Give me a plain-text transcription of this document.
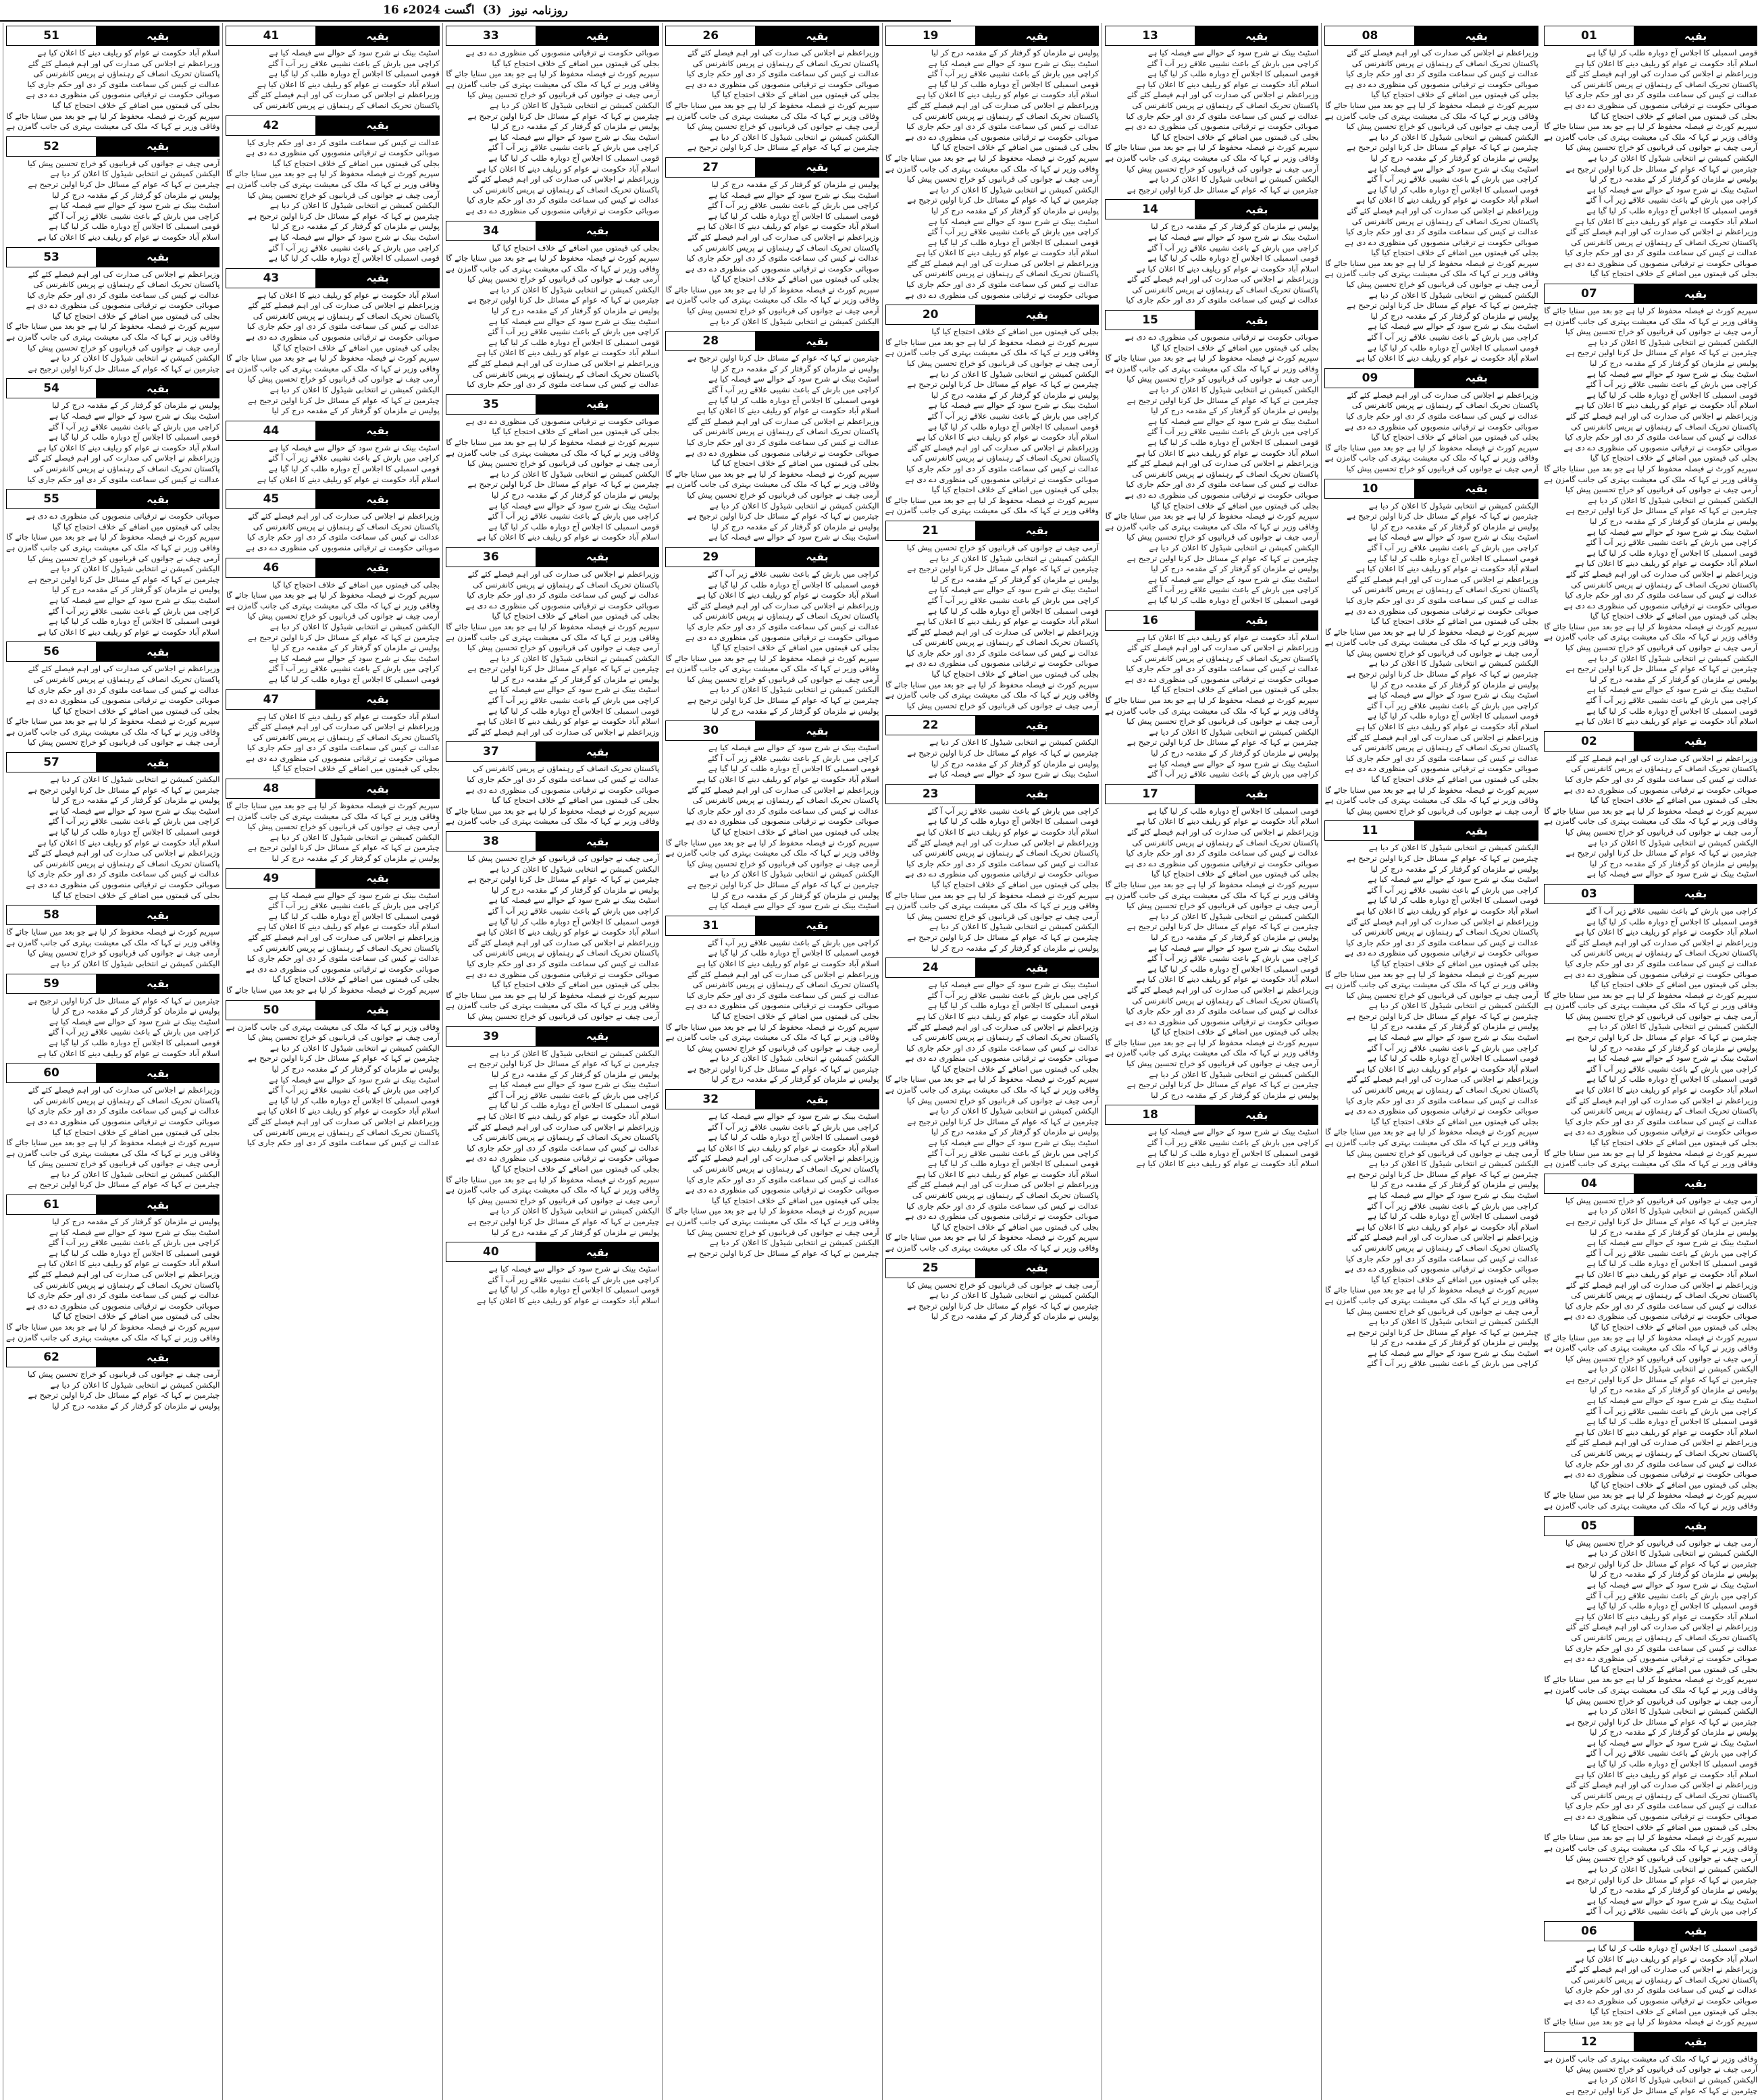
16 اگست 2024ء (3) روزنامہ نیوز
بقیہ
51
اسلام آباد حکومت نے عوام کو ریلیف دینے کا اعلان کیا ہے
وزیراعظم نے اجلاس کی صدارت کی اور اہم فیصلے کئے گئے
پاکستان تحریک انصاف کے رہنماؤں نے پریس کانفرنس کی
عدالت نے کیس کی سماعت ملتوی کر دی اور حکم جاری کیا
صوبائی حکومت نے ترقیاتی منصوبوں کی منظوری دے دی ہے
بجلی کی قیمتوں میں اضافے کے خلاف احتجاج کیا گیا
سپریم کورٹ نے فیصلہ محفوظ کر لیا ہے جو بعد میں سنایا جائے گا
وفاقی وزیر نے کہا کہ ملک کی معیشت بہتری کی جانب گامزن ہے
بقیہ
52
آرمی چیف نے جوانوں کی قربانیوں کو خراج تحسین پیش کیا
الیکشن کمیشن نے انتخابی شیڈول کا اعلان کر دیا ہے
چیئرمین نے کہا کہ عوام کے مسائل حل کرنا اولین ترجیح ہے
پولیس نے ملزمان کو گرفتار کر کے مقدمہ درج کر لیا
اسٹیٹ بینک نے شرح سود کے حوالے سے فیصلہ کیا ہے
کراچی میں بارش کے باعث نشیبی علاقے زیر آب آ گئے
قومی اسمبلی کا اجلاس آج دوبارہ طلب کر لیا گیا ہے
اسلام آباد حکومت نے عوام کو ریلیف دینے کا اعلان کیا ہے
بقیہ
53
وزیراعظم نے اجلاس کی صدارت کی اور اہم فیصلے کئے گئے
پاکستان تحریک انصاف کے رہنماؤں نے پریس کانفرنس کی
عدالت نے کیس کی سماعت ملتوی کر دی اور حکم جاری کیا
صوبائی حکومت نے ترقیاتی منصوبوں کی منظوری دے دی ہے
بجلی کی قیمتوں میں اضافے کے خلاف احتجاج کیا گیا
سپریم کورٹ نے فیصلہ محفوظ کر لیا ہے جو بعد میں سنایا جائے گا
وفاقی وزیر نے کہا کہ ملک کی معیشت بہتری کی جانب گامزن ہے
آرمی چیف نے جوانوں کی قربانیوں کو خراج تحسین پیش کیا
الیکشن کمیشن نے انتخابی شیڈول کا اعلان کر دیا ہے
چیئرمین نے کہا کہ عوام کے مسائل حل کرنا اولین ترجیح ہے
بقیہ
54
پولیس نے ملزمان کو گرفتار کر کے مقدمہ درج کر لیا
اسٹیٹ بینک نے شرح سود کے حوالے سے فیصلہ کیا ہے
کراچی میں بارش کے باعث نشیبی علاقے زیر آب آ گئے
قومی اسمبلی کا اجلاس آج دوبارہ طلب کر لیا گیا ہے
اسلام آباد حکومت نے عوام کو ریلیف دینے کا اعلان کیا ہے
وزیراعظم نے اجلاس کی صدارت کی اور اہم فیصلے کئے گئے
پاکستان تحریک انصاف کے رہنماؤں نے پریس کانفرنس کی
عدالت نے کیس کی سماعت ملتوی کر دی اور حکم جاری کیا
بقیہ
55
صوبائی حکومت نے ترقیاتی منصوبوں کی منظوری دے دی ہے
بجلی کی قیمتوں میں اضافے کے خلاف احتجاج کیا گیا
سپریم کورٹ نے فیصلہ محفوظ کر لیا ہے جو بعد میں سنایا جائے گا
وفاقی وزیر نے کہا کہ ملک کی معیشت بہتری کی جانب گامزن ہے
آرمی چیف نے جوانوں کی قربانیوں کو خراج تحسین پیش کیا
الیکشن کمیشن نے انتخابی شیڈول کا اعلان کر دیا ہے
چیئرمین نے کہا کہ عوام کے مسائل حل کرنا اولین ترجیح ہے
پولیس نے ملزمان کو گرفتار کر کے مقدمہ درج کر لیا
اسٹیٹ بینک نے شرح سود کے حوالے سے فیصلہ کیا ہے
کراچی میں بارش کے باعث نشیبی علاقے زیر آب آ گئے
قومی اسمبلی کا اجلاس آج دوبارہ طلب کر لیا گیا ہے
اسلام آباد حکومت نے عوام کو ریلیف دینے کا اعلان کیا ہے
بقیہ
56
وزیراعظم نے اجلاس کی صدارت کی اور اہم فیصلے کئے گئے
پاکستان تحریک انصاف کے رہنماؤں نے پریس کانفرنس کی
عدالت نے کیس کی سماعت ملتوی کر دی اور حکم جاری کیا
صوبائی حکومت نے ترقیاتی منصوبوں کی منظوری دے دی ہے
بجلی کی قیمتوں میں اضافے کے خلاف احتجاج کیا گیا
سپریم کورٹ نے فیصلہ محفوظ کر لیا ہے جو بعد میں سنایا جائے گا
وفاقی وزیر نے کہا کہ ملک کی معیشت بہتری کی جانب گامزن ہے
آرمی چیف نے جوانوں کی قربانیوں کو خراج تحسین پیش کیا
بقیہ
57
الیکشن کمیشن نے انتخابی شیڈول کا اعلان کر دیا ہے
چیئرمین نے کہا کہ عوام کے مسائل حل کرنا اولین ترجیح ہے
پولیس نے ملزمان کو گرفتار کر کے مقدمہ درج کر لیا
اسٹیٹ بینک نے شرح سود کے حوالے سے فیصلہ کیا ہے
کراچی میں بارش کے باعث نشیبی علاقے زیر آب آ گئے
قومی اسمبلی کا اجلاس آج دوبارہ طلب کر لیا گیا ہے
اسلام آباد حکومت نے عوام کو ریلیف دینے کا اعلان کیا ہے
وزیراعظم نے اجلاس کی صدارت کی اور اہم فیصلے کئے گئے
پاکستان تحریک انصاف کے رہنماؤں نے پریس کانفرنس کی
عدالت نے کیس کی سماعت ملتوی کر دی اور حکم جاری کیا
صوبائی حکومت نے ترقیاتی منصوبوں کی منظوری دے دی ہے
بجلی کی قیمتوں میں اضافے کے خلاف احتجاج کیا گیا
بقیہ
58
سپریم کورٹ نے فیصلہ محفوظ کر لیا ہے جو بعد میں سنایا جائے گا
وفاقی وزیر نے کہا کہ ملک کی معیشت بہتری کی جانب گامزن ہے
آرمی چیف نے جوانوں کی قربانیوں کو خراج تحسین پیش کیا
الیکشن کمیشن نے انتخابی شیڈول کا اعلان کر دیا ہے
بقیہ
59
چیئرمین نے کہا کہ عوام کے مسائل حل کرنا اولین ترجیح ہے
پولیس نے ملزمان کو گرفتار کر کے مقدمہ درج کر لیا
اسٹیٹ بینک نے شرح سود کے حوالے سے فیصلہ کیا ہے
کراچی میں بارش کے باعث نشیبی علاقے زیر آب آ گئے
قومی اسمبلی کا اجلاس آج دوبارہ طلب کر لیا گیا ہے
اسلام آباد حکومت نے عوام کو ریلیف دینے کا اعلان کیا ہے
بقیہ
60
وزیراعظم نے اجلاس کی صدارت کی اور اہم فیصلے کئے گئے
پاکستان تحریک انصاف کے رہنماؤں نے پریس کانفرنس کی
عدالت نے کیس کی سماعت ملتوی کر دی اور حکم جاری کیا
صوبائی حکومت نے ترقیاتی منصوبوں کی منظوری دے دی ہے
بجلی کی قیمتوں میں اضافے کے خلاف احتجاج کیا گیا
سپریم کورٹ نے فیصلہ محفوظ کر لیا ہے جو بعد میں سنایا جائے گا
وفاقی وزیر نے کہا کہ ملک کی معیشت بہتری کی جانب گامزن ہے
آرمی چیف نے جوانوں کی قربانیوں کو خراج تحسین پیش کیا
الیکشن کمیشن نے انتخابی شیڈول کا اعلان کر دیا ہے
چیئرمین نے کہا کہ عوام کے مسائل حل کرنا اولین ترجیح ہے
بقیہ
61
پولیس نے ملزمان کو گرفتار کر کے مقدمہ درج کر لیا
اسٹیٹ بینک نے شرح سود کے حوالے سے فیصلہ کیا ہے
کراچی میں بارش کے باعث نشیبی علاقے زیر آب آ گئے
قومی اسمبلی کا اجلاس آج دوبارہ طلب کر لیا گیا ہے
اسلام آباد حکومت نے عوام کو ریلیف دینے کا اعلان کیا ہے
وزیراعظم نے اجلاس کی صدارت کی اور اہم فیصلے کئے گئے
پاکستان تحریک انصاف کے رہنماؤں نے پریس کانفرنس کی
عدالت نے کیس کی سماعت ملتوی کر دی اور حکم جاری کیا
صوبائی حکومت نے ترقیاتی منصوبوں کی منظوری دے دی ہے
بجلی کی قیمتوں میں اضافے کے خلاف احتجاج کیا گیا
سپریم کورٹ نے فیصلہ محفوظ کر لیا ہے جو بعد میں سنایا جائے گا
وفاقی وزیر نے کہا کہ ملک کی معیشت بہتری کی جانب گامزن ہے
بقیہ
62
آرمی چیف نے جوانوں کی قربانیوں کو خراج تحسین پیش کیا
الیکشن کمیشن نے انتخابی شیڈول کا اعلان کر دیا ہے
چیئرمین نے کہا کہ عوام کے مسائل حل کرنا اولین ترجیح ہے
پولیس نے ملزمان کو گرفتار کر کے مقدمہ درج کر لیا
بقیہ
41
اسٹیٹ بینک نے شرح سود کے حوالے سے فیصلہ کیا ہے
کراچی میں بارش کے باعث نشیبی علاقے زیر آب آ گئے
قومی اسمبلی کا اجلاس آج دوبارہ طلب کر لیا گیا ہے
اسلام آباد حکومت نے عوام کو ریلیف دینے کا اعلان کیا ہے
وزیراعظم نے اجلاس کی صدارت کی اور اہم فیصلے کئے گئے
پاکستان تحریک انصاف کے رہنماؤں نے پریس کانفرنس کی
بقیہ
42
عدالت نے کیس کی سماعت ملتوی کر دی اور حکم جاری کیا
صوبائی حکومت نے ترقیاتی منصوبوں کی منظوری دے دی ہے
بجلی کی قیمتوں میں اضافے کے خلاف احتجاج کیا گیا
سپریم کورٹ نے فیصلہ محفوظ کر لیا ہے جو بعد میں سنایا جائے گا
وفاقی وزیر نے کہا کہ ملک کی معیشت بہتری کی جانب گامزن ہے
آرمی چیف نے جوانوں کی قربانیوں کو خراج تحسین پیش کیا
الیکشن کمیشن نے انتخابی شیڈول کا اعلان کر دیا ہے
چیئرمین نے کہا کہ عوام کے مسائل حل کرنا اولین ترجیح ہے
پولیس نے ملزمان کو گرفتار کر کے مقدمہ درج کر لیا
اسٹیٹ بینک نے شرح سود کے حوالے سے فیصلہ کیا ہے
کراچی میں بارش کے باعث نشیبی علاقے زیر آب آ گئے
قومی اسمبلی کا اجلاس آج دوبارہ طلب کر لیا گیا ہے
بقیہ
43
اسلام آباد حکومت نے عوام کو ریلیف دینے کا اعلان کیا ہے
وزیراعظم نے اجلاس کی صدارت کی اور اہم فیصلے کئے گئے
پاکستان تحریک انصاف کے رہنماؤں نے پریس کانفرنس کی
عدالت نے کیس کی سماعت ملتوی کر دی اور حکم جاری کیا
صوبائی حکومت نے ترقیاتی منصوبوں کی منظوری دے دی ہے
بجلی کی قیمتوں میں اضافے کے خلاف احتجاج کیا گیا
سپریم کورٹ نے فیصلہ محفوظ کر لیا ہے جو بعد میں سنایا جائے گا
وفاقی وزیر نے کہا کہ ملک کی معیشت بہتری کی جانب گامزن ہے
آرمی چیف نے جوانوں کی قربانیوں کو خراج تحسین پیش کیا
الیکشن کمیشن نے انتخابی شیڈول کا اعلان کر دیا ہے
چیئرمین نے کہا کہ عوام کے مسائل حل کرنا اولین ترجیح ہے
پولیس نے ملزمان کو گرفتار کر کے مقدمہ درج کر لیا
بقیہ
44
اسٹیٹ بینک نے شرح سود کے حوالے سے فیصلہ کیا ہے
کراچی میں بارش کے باعث نشیبی علاقے زیر آب آ گئے
قومی اسمبلی کا اجلاس آج دوبارہ طلب کر لیا گیا ہے
اسلام آباد حکومت نے عوام کو ریلیف دینے کا اعلان کیا ہے
بقیہ
45
وزیراعظم نے اجلاس کی صدارت کی اور اہم فیصلے کئے گئے
پاکستان تحریک انصاف کے رہنماؤں نے پریس کانفرنس کی
عدالت نے کیس کی سماعت ملتوی کر دی اور حکم جاری کیا
صوبائی حکومت نے ترقیاتی منصوبوں کی منظوری دے دی ہے
بقیہ
46
بجلی کی قیمتوں میں اضافے کے خلاف احتجاج کیا گیا
سپریم کورٹ نے فیصلہ محفوظ کر لیا ہے جو بعد میں سنایا جائے گا
وفاقی وزیر نے کہا کہ ملک کی معیشت بہتری کی جانب گامزن ہے
آرمی چیف نے جوانوں کی قربانیوں کو خراج تحسین پیش کیا
الیکشن کمیشن نے انتخابی شیڈول کا اعلان کر دیا ہے
چیئرمین نے کہا کہ عوام کے مسائل حل کرنا اولین ترجیح ہے
پولیس نے ملزمان کو گرفتار کر کے مقدمہ درج کر لیا
اسٹیٹ بینک نے شرح سود کے حوالے سے فیصلہ کیا ہے
کراچی میں بارش کے باعث نشیبی علاقے زیر آب آ گئے
قومی اسمبلی کا اجلاس آج دوبارہ طلب کر لیا گیا ہے
بقیہ
47
اسلام آباد حکومت نے عوام کو ریلیف دینے کا اعلان کیا ہے
وزیراعظم نے اجلاس کی صدارت کی اور اہم فیصلے کئے گئے
پاکستان تحریک انصاف کے رہنماؤں نے پریس کانفرنس کی
عدالت نے کیس کی سماعت ملتوی کر دی اور حکم جاری کیا
صوبائی حکومت نے ترقیاتی منصوبوں کی منظوری دے دی ہے
بجلی کی قیمتوں میں اضافے کے خلاف احتجاج کیا گیا
بقیہ
48
سپریم کورٹ نے فیصلہ محفوظ کر لیا ہے جو بعد میں سنایا جائے گا
وفاقی وزیر نے کہا کہ ملک کی معیشت بہتری کی جانب گامزن ہے
آرمی چیف نے جوانوں کی قربانیوں کو خراج تحسین پیش کیا
الیکشن کمیشن نے انتخابی شیڈول کا اعلان کر دیا ہے
چیئرمین نے کہا کہ عوام کے مسائل حل کرنا اولین ترجیح ہے
پولیس نے ملزمان کو گرفتار کر کے مقدمہ درج کر لیا
بقیہ
49
اسٹیٹ بینک نے شرح سود کے حوالے سے فیصلہ کیا ہے
کراچی میں بارش کے باعث نشیبی علاقے زیر آب آ گئے
قومی اسمبلی کا اجلاس آج دوبارہ طلب کر لیا گیا ہے
اسلام آباد حکومت نے عوام کو ریلیف دینے کا اعلان کیا ہے
وزیراعظم نے اجلاس کی صدارت کی اور اہم فیصلے کئے گئے
پاکستان تحریک انصاف کے رہنماؤں نے پریس کانفرنس کی
عدالت نے کیس کی سماعت ملتوی کر دی اور حکم جاری کیا
صوبائی حکومت نے ترقیاتی منصوبوں کی منظوری دے دی ہے
بجلی کی قیمتوں میں اضافے کے خلاف احتجاج کیا گیا
سپریم کورٹ نے فیصلہ محفوظ کر لیا ہے جو بعد میں سنایا جائے گا
بقیہ
50
وفاقی وزیر نے کہا کہ ملک کی معیشت بہتری کی جانب گامزن ہے
آرمی چیف نے جوانوں کی قربانیوں کو خراج تحسین پیش کیا
الیکشن کمیشن نے انتخابی شیڈول کا اعلان کر دیا ہے
چیئرمین نے کہا کہ عوام کے مسائل حل کرنا اولین ترجیح ہے
پولیس نے ملزمان کو گرفتار کر کے مقدمہ درج کر لیا
اسٹیٹ بینک نے شرح سود کے حوالے سے فیصلہ کیا ہے
کراچی میں بارش کے باعث نشیبی علاقے زیر آب آ گئے
قومی اسمبلی کا اجلاس آج دوبارہ طلب کر لیا گیا ہے
اسلام آباد حکومت نے عوام کو ریلیف دینے کا اعلان کیا ہے
وزیراعظم نے اجلاس کی صدارت کی اور اہم فیصلے کئے گئے
پاکستان تحریک انصاف کے رہنماؤں نے پریس کانفرنس کی
عدالت نے کیس کی سماعت ملتوی کر دی اور حکم جاری کیا
بقیہ
33
صوبائی حکومت نے ترقیاتی منصوبوں کی منظوری دے دی ہے
بجلی کی قیمتوں میں اضافے کے خلاف احتجاج کیا گیا
سپریم کورٹ نے فیصلہ محفوظ کر لیا ہے جو بعد میں سنایا جائے گا
وفاقی وزیر نے کہا کہ ملک کی معیشت بہتری کی جانب گامزن ہے
آرمی چیف نے جوانوں کی قربانیوں کو خراج تحسین پیش کیا
الیکشن کمیشن نے انتخابی شیڈول کا اعلان کر دیا ہے
چیئرمین نے کہا کہ عوام کے مسائل حل کرنا اولین ترجیح ہے
پولیس نے ملزمان کو گرفتار کر کے مقدمہ درج کر لیا
اسٹیٹ بینک نے شرح سود کے حوالے سے فیصلہ کیا ہے
کراچی میں بارش کے باعث نشیبی علاقے زیر آب آ گئے
قومی اسمبلی کا اجلاس آج دوبارہ طلب کر لیا گیا ہے
اسلام آباد حکومت نے عوام کو ریلیف دینے کا اعلان کیا ہے
وزیراعظم نے اجلاس کی صدارت کی اور اہم فیصلے کئے گئے
پاکستان تحریک انصاف کے رہنماؤں نے پریس کانفرنس کی
عدالت نے کیس کی سماعت ملتوی کر دی اور حکم جاری کیا
صوبائی حکومت نے ترقیاتی منصوبوں کی منظوری دے دی ہے
بقیہ
34
بجلی کی قیمتوں میں اضافے کے خلاف احتجاج کیا گیا
سپریم کورٹ نے فیصلہ محفوظ کر لیا ہے جو بعد میں سنایا جائے گا
وفاقی وزیر نے کہا کہ ملک کی معیشت بہتری کی جانب گامزن ہے
آرمی چیف نے جوانوں کی قربانیوں کو خراج تحسین پیش کیا
الیکشن کمیشن نے انتخابی شیڈول کا اعلان کر دیا ہے
چیئرمین نے کہا کہ عوام کے مسائل حل کرنا اولین ترجیح ہے
پولیس نے ملزمان کو گرفتار کر کے مقدمہ درج کر لیا
اسٹیٹ بینک نے شرح سود کے حوالے سے فیصلہ کیا ہے
کراچی میں بارش کے باعث نشیبی علاقے زیر آب آ گئے
قومی اسمبلی کا اجلاس آج دوبارہ طلب کر لیا گیا ہے
اسلام آباد حکومت نے عوام کو ریلیف دینے کا اعلان کیا ہے
وزیراعظم نے اجلاس کی صدارت کی اور اہم فیصلے کئے گئے
پاکستان تحریک انصاف کے رہنماؤں نے پریس کانفرنس کی
عدالت نے کیس کی سماعت ملتوی کر دی اور حکم جاری کیا
بقیہ
35
صوبائی حکومت نے ترقیاتی منصوبوں کی منظوری دے دی ہے
بجلی کی قیمتوں میں اضافے کے خلاف احتجاج کیا گیا
سپریم کورٹ نے فیصلہ محفوظ کر لیا ہے جو بعد میں سنایا جائے گا
وفاقی وزیر نے کہا کہ ملک کی معیشت بہتری کی جانب گامزن ہے
آرمی چیف نے جوانوں کی قربانیوں کو خراج تحسین پیش کیا
الیکشن کمیشن نے انتخابی شیڈول کا اعلان کر دیا ہے
چیئرمین نے کہا کہ عوام کے مسائل حل کرنا اولین ترجیح ہے
پولیس نے ملزمان کو گرفتار کر کے مقدمہ درج کر لیا
اسٹیٹ بینک نے شرح سود کے حوالے سے فیصلہ کیا ہے
کراچی میں بارش کے باعث نشیبی علاقے زیر آب آ گئے
قومی اسمبلی کا اجلاس آج دوبارہ طلب کر لیا گیا ہے
اسلام آباد حکومت نے عوام کو ریلیف دینے کا اعلان کیا ہے
بقیہ
36
وزیراعظم نے اجلاس کی صدارت کی اور اہم فیصلے کئے گئے
پاکستان تحریک انصاف کے رہنماؤں نے پریس کانفرنس کی
عدالت نے کیس کی سماعت ملتوی کر دی اور حکم جاری کیا
صوبائی حکومت نے ترقیاتی منصوبوں کی منظوری دے دی ہے
بجلی کی قیمتوں میں اضافے کے خلاف احتجاج کیا گیا
سپریم کورٹ نے فیصلہ محفوظ کر لیا ہے جو بعد میں سنایا جائے گا
وفاقی وزیر نے کہا کہ ملک کی معیشت بہتری کی جانب گامزن ہے
آرمی چیف نے جوانوں کی قربانیوں کو خراج تحسین پیش کیا
الیکشن کمیشن نے انتخابی شیڈول کا اعلان کر دیا ہے
چیئرمین نے کہا کہ عوام کے مسائل حل کرنا اولین ترجیح ہے
پولیس نے ملزمان کو گرفتار کر کے مقدمہ درج کر لیا
اسٹیٹ بینک نے شرح سود کے حوالے سے فیصلہ کیا ہے
کراچی میں بارش کے باعث نشیبی علاقے زیر آب آ گئے
قومی اسمبلی کا اجلاس آج دوبارہ طلب کر لیا گیا ہے
اسلام آباد حکومت نے عوام کو ریلیف دینے کا اعلان کیا ہے
وزیراعظم نے اجلاس کی صدارت کی اور اہم فیصلے کئے گئے
بقیہ
37
پاکستان تحریک انصاف کے رہنماؤں نے پریس کانفرنس کی
عدالت نے کیس کی سماعت ملتوی کر دی اور حکم جاری کیا
صوبائی حکومت نے ترقیاتی منصوبوں کی منظوری دے دی ہے
بجلی کی قیمتوں میں اضافے کے خلاف احتجاج کیا گیا
سپریم کورٹ نے فیصلہ محفوظ کر لیا ہے جو بعد میں سنایا جائے گا
وفاقی وزیر نے کہا کہ ملک کی معیشت بہتری کی جانب گامزن ہے
بقیہ
38
آرمی چیف نے جوانوں کی قربانیوں کو خراج تحسین پیش کیا
الیکشن کمیشن نے انتخابی شیڈول کا اعلان کر دیا ہے
چیئرمین نے کہا کہ عوام کے مسائل حل کرنا اولین ترجیح ہے
پولیس نے ملزمان کو گرفتار کر کے مقدمہ درج کر لیا
اسٹیٹ بینک نے شرح سود کے حوالے سے فیصلہ کیا ہے
کراچی میں بارش کے باعث نشیبی علاقے زیر آب آ گئے
قومی اسمبلی کا اجلاس آج دوبارہ طلب کر لیا گیا ہے
اسلام آباد حکومت نے عوام کو ریلیف دینے کا اعلان کیا ہے
وزیراعظم نے اجلاس کی صدارت کی اور اہم فیصلے کئے گئے
پاکستان تحریک انصاف کے رہنماؤں نے پریس کانفرنس کی
عدالت نے کیس کی سماعت ملتوی کر دی اور حکم جاری کیا
صوبائی حکومت نے ترقیاتی منصوبوں کی منظوری دے دی ہے
بجلی کی قیمتوں میں اضافے کے خلاف احتجاج کیا گیا
سپریم کورٹ نے فیصلہ محفوظ کر لیا ہے جو بعد میں سنایا جائے گا
وفاقی وزیر نے کہا کہ ملک کی معیشت بہتری کی جانب گامزن ہے
آرمی چیف نے جوانوں کی قربانیوں کو خراج تحسین پیش کیا
بقیہ
39
الیکشن کمیشن نے انتخابی شیڈول کا اعلان کر دیا ہے
چیئرمین نے کہا کہ عوام کے مسائل حل کرنا اولین ترجیح ہے
پولیس نے ملزمان کو گرفتار کر کے مقدمہ درج کر لیا
اسٹیٹ بینک نے شرح سود کے حوالے سے فیصلہ کیا ہے
کراچی میں بارش کے باعث نشیبی علاقے زیر آب آ گئے
قومی اسمبلی کا اجلاس آج دوبارہ طلب کر لیا گیا ہے
اسلام آباد حکومت نے عوام کو ریلیف دینے کا اعلان کیا ہے
وزیراعظم نے اجلاس کی صدارت کی اور اہم فیصلے کئے گئے
پاکستان تحریک انصاف کے رہنماؤں نے پریس کانفرنس کی
عدالت نے کیس کی سماعت ملتوی کر دی اور حکم جاری کیا
صوبائی حکومت نے ترقیاتی منصوبوں کی منظوری دے دی ہے
بجلی کی قیمتوں میں اضافے کے خلاف احتجاج کیا گیا
سپریم کورٹ نے فیصلہ محفوظ کر لیا ہے جو بعد میں سنایا جائے گا
وفاقی وزیر نے کہا کہ ملک کی معیشت بہتری کی جانب گامزن ہے
آرمی چیف نے جوانوں کی قربانیوں کو خراج تحسین پیش کیا
الیکشن کمیشن نے انتخابی شیڈول کا اعلان کر دیا ہے
چیئرمین نے کہا کہ عوام کے مسائل حل کرنا اولین ترجیح ہے
پولیس نے ملزمان کو گرفتار کر کے مقدمہ درج کر لیا
بقیہ
40
اسٹیٹ بینک نے شرح سود کے حوالے سے فیصلہ کیا ہے
کراچی میں بارش کے باعث نشیبی علاقے زیر آب آ گئے
قومی اسمبلی کا اجلاس آج دوبارہ طلب کر لیا گیا ہے
اسلام آباد حکومت نے عوام کو ریلیف دینے کا اعلان کیا ہے
بقیہ
26
وزیراعظم نے اجلاس کی صدارت کی اور اہم فیصلے کئے گئے
پاکستان تحریک انصاف کے رہنماؤں نے پریس کانفرنس کی
عدالت نے کیس کی سماعت ملتوی کر دی اور حکم جاری کیا
صوبائی حکومت نے ترقیاتی منصوبوں کی منظوری دے دی ہے
بجلی کی قیمتوں میں اضافے کے خلاف احتجاج کیا گیا
سپریم کورٹ نے فیصلہ محفوظ کر لیا ہے جو بعد میں سنایا جائے گا
وفاقی وزیر نے کہا کہ ملک کی معیشت بہتری کی جانب گامزن ہے
آرمی چیف نے جوانوں کی قربانیوں کو خراج تحسین پیش کیا
الیکشن کمیشن نے انتخابی شیڈول کا اعلان کر دیا ہے
چیئرمین نے کہا کہ عوام کے مسائل حل کرنا اولین ترجیح ہے
بقیہ
27
پولیس نے ملزمان کو گرفتار کر کے مقدمہ درج کر لیا
اسٹیٹ بینک نے شرح سود کے حوالے سے فیصلہ کیا ہے
کراچی میں بارش کے باعث نشیبی علاقے زیر آب آ گئے
قومی اسمبلی کا اجلاس آج دوبارہ طلب کر لیا گیا ہے
اسلام آباد حکومت نے عوام کو ریلیف دینے کا اعلان کیا ہے
وزیراعظم نے اجلاس کی صدارت کی اور اہم فیصلے کئے گئے
پاکستان تحریک انصاف کے رہنماؤں نے پریس کانفرنس کی
عدالت نے کیس کی سماعت ملتوی کر دی اور حکم جاری کیا
صوبائی حکومت نے ترقیاتی منصوبوں کی منظوری دے دی ہے
بجلی کی قیمتوں میں اضافے کے خلاف احتجاج کیا گیا
سپریم کورٹ نے فیصلہ محفوظ کر لیا ہے جو بعد میں سنایا جائے گا
وفاقی وزیر نے کہا کہ ملک کی معیشت بہتری کی جانب گامزن ہے
آرمی چیف نے جوانوں کی قربانیوں کو خراج تحسین پیش کیا
الیکشن کمیشن نے انتخابی شیڈول کا اعلان کر دیا ہے
بقیہ
28
چیئرمین نے کہا کہ عوام کے مسائل حل کرنا اولین ترجیح ہے
پولیس نے ملزمان کو گرفتار کر کے مقدمہ درج کر لیا
اسٹیٹ بینک نے شرح سود کے حوالے سے فیصلہ کیا ہے
کراچی میں بارش کے باعث نشیبی علاقے زیر آب آ گئے
قومی اسمبلی کا اجلاس آج دوبارہ طلب کر لیا گیا ہے
اسلام آباد حکومت نے عوام کو ریلیف دینے کا اعلان کیا ہے
وزیراعظم نے اجلاس کی صدارت کی اور اہم فیصلے کئے گئے
پاکستان تحریک انصاف کے رہنماؤں نے پریس کانفرنس کی
عدالت نے کیس کی سماعت ملتوی کر دی اور حکم جاری کیا
صوبائی حکومت نے ترقیاتی منصوبوں کی منظوری دے دی ہے
بجلی کی قیمتوں میں اضافے کے خلاف احتجاج کیا گیا
سپریم کورٹ نے فیصلہ محفوظ کر لیا ہے جو بعد میں سنایا جائے گا
وفاقی وزیر نے کہا کہ ملک کی معیشت بہتری کی جانب گامزن ہے
آرمی چیف نے جوانوں کی قربانیوں کو خراج تحسین پیش کیا
الیکشن کمیشن نے انتخابی شیڈول کا اعلان کر دیا ہے
چیئرمین نے کہا کہ عوام کے مسائل حل کرنا اولین ترجیح ہے
پولیس نے ملزمان کو گرفتار کر کے مقدمہ درج کر لیا
اسٹیٹ بینک نے شرح سود کے حوالے سے فیصلہ کیا ہے
بقیہ
29
کراچی میں بارش کے باعث نشیبی علاقے زیر آب آ گئے
قومی اسمبلی کا اجلاس آج دوبارہ طلب کر لیا گیا ہے
اسلام آباد حکومت نے عوام کو ریلیف دینے کا اعلان کیا ہے
وزیراعظم نے اجلاس کی صدارت کی اور اہم فیصلے کئے گئے
پاکستان تحریک انصاف کے رہنماؤں نے پریس کانفرنس کی
عدالت نے کیس کی سماعت ملتوی کر دی اور حکم جاری کیا
صوبائی حکومت نے ترقیاتی منصوبوں کی منظوری دے دی ہے
بجلی کی قیمتوں میں اضافے کے خلاف احتجاج کیا گیا
سپریم کورٹ نے فیصلہ محفوظ کر لیا ہے جو بعد میں سنایا جائے گا
وفاقی وزیر نے کہا کہ ملک کی معیشت بہتری کی جانب گامزن ہے
آرمی چیف نے جوانوں کی قربانیوں کو خراج تحسین پیش کیا
الیکشن کمیشن نے انتخابی شیڈول کا اعلان کر دیا ہے
چیئرمین نے کہا کہ عوام کے مسائل حل کرنا اولین ترجیح ہے
پولیس نے ملزمان کو گرفتار کر کے مقدمہ درج کر لیا
بقیہ
30
اسٹیٹ بینک نے شرح سود کے حوالے سے فیصلہ کیا ہے
کراچی میں بارش کے باعث نشیبی علاقے زیر آب آ گئے
قومی اسمبلی کا اجلاس آج دوبارہ طلب کر لیا گیا ہے
اسلام آباد حکومت نے عوام کو ریلیف دینے کا اعلان کیا ہے
وزیراعظم نے اجلاس کی صدارت کی اور اہم فیصلے کئے گئے
پاکستان تحریک انصاف کے رہنماؤں نے پریس کانفرنس کی
عدالت نے کیس کی سماعت ملتوی کر دی اور حکم جاری کیا
صوبائی حکومت نے ترقیاتی منصوبوں کی منظوری دے دی ہے
بجلی کی قیمتوں میں اضافے کے خلاف احتجاج کیا گیا
سپریم کورٹ نے فیصلہ محفوظ کر لیا ہے جو بعد میں سنایا جائے گا
وفاقی وزیر نے کہا کہ ملک کی معیشت بہتری کی جانب گامزن ہے
آرمی چیف نے جوانوں کی قربانیوں کو خراج تحسین پیش کیا
الیکشن کمیشن نے انتخابی شیڈول کا اعلان کر دیا ہے
چیئرمین نے کہا کہ عوام کے مسائل حل کرنا اولین ترجیح ہے
پولیس نے ملزمان کو گرفتار کر کے مقدمہ درج کر لیا
اسٹیٹ بینک نے شرح سود کے حوالے سے فیصلہ کیا ہے
بقیہ
31
کراچی میں بارش کے باعث نشیبی علاقے زیر آب آ گئے
قومی اسمبلی کا اجلاس آج دوبارہ طلب کر لیا گیا ہے
اسلام آباد حکومت نے عوام کو ریلیف دینے کا اعلان کیا ہے
وزیراعظم نے اجلاس کی صدارت کی اور اہم فیصلے کئے گئے
پاکستان تحریک انصاف کے رہنماؤں نے پریس کانفرنس کی
عدالت نے کیس کی سماعت ملتوی کر دی اور حکم جاری کیا
صوبائی حکومت نے ترقیاتی منصوبوں کی منظوری دے دی ہے
بجلی کی قیمتوں میں اضافے کے خلاف احتجاج کیا گیا
سپریم کورٹ نے فیصلہ محفوظ کر لیا ہے جو بعد میں سنایا جائے گا
وفاقی وزیر نے کہا کہ ملک کی معیشت بہتری کی جانب گامزن ہے
آرمی چیف نے جوانوں کی قربانیوں کو خراج تحسین پیش کیا
الیکشن کمیشن نے انتخابی شیڈول کا اعلان کر دیا ہے
چیئرمین نے کہا کہ عوام کے مسائل حل کرنا اولین ترجیح ہے
پولیس نے ملزمان کو گرفتار کر کے مقدمہ درج کر لیا
بقیہ
32
اسٹیٹ بینک نے شرح سود کے حوالے سے فیصلہ کیا ہے
کراچی میں بارش کے باعث نشیبی علاقے زیر آب آ گئے
قومی اسمبلی کا اجلاس آج دوبارہ طلب کر لیا گیا ہے
اسلام آباد حکومت نے عوام کو ریلیف دینے کا اعلان کیا ہے
وزیراعظم نے اجلاس کی صدارت کی اور اہم فیصلے کئے گئے
پاکستان تحریک انصاف کے رہنماؤں نے پریس کانفرنس کی
عدالت نے کیس کی سماعت ملتوی کر دی اور حکم جاری کیا
صوبائی حکومت نے ترقیاتی منصوبوں کی منظوری دے دی ہے
بجلی کی قیمتوں میں اضافے کے خلاف احتجاج کیا گیا
سپریم کورٹ نے فیصلہ محفوظ کر لیا ہے جو بعد میں سنایا جائے گا
وفاقی وزیر نے کہا کہ ملک کی معیشت بہتری کی جانب گامزن ہے
آرمی چیف نے جوانوں کی قربانیوں کو خراج تحسین پیش کیا
الیکشن کمیشن نے انتخابی شیڈول کا اعلان کر دیا ہے
چیئرمین نے کہا کہ عوام کے مسائل حل کرنا اولین ترجیح ہے
بقیہ
19
پولیس نے ملزمان کو گرفتار کر کے مقدمہ درج کر لیا
اسٹیٹ بینک نے شرح سود کے حوالے سے فیصلہ کیا ہے
کراچی میں بارش کے باعث نشیبی علاقے زیر آب آ گئے
قومی اسمبلی کا اجلاس آج دوبارہ طلب کر لیا گیا ہے
اسلام آباد حکومت نے عوام کو ریلیف دینے کا اعلان کیا ہے
وزیراعظم نے اجلاس کی صدارت کی اور اہم فیصلے کئے گئے
پاکستان تحریک انصاف کے رہنماؤں نے پریس کانفرنس کی
عدالت نے کیس کی سماعت ملتوی کر دی اور حکم جاری کیا
صوبائی حکومت نے ترقیاتی منصوبوں کی منظوری دے دی ہے
بجلی کی قیمتوں میں اضافے کے خلاف احتجاج کیا گیا
سپریم کورٹ نے فیصلہ محفوظ کر لیا ہے جو بعد میں سنایا جائے گا
وفاقی وزیر نے کہا کہ ملک کی معیشت بہتری کی جانب گامزن ہے
آرمی چیف نے جوانوں کی قربانیوں کو خراج تحسین پیش کیا
الیکشن کمیشن نے انتخابی شیڈول کا اعلان کر دیا ہے
چیئرمین نے کہا کہ عوام کے مسائل حل کرنا اولین ترجیح ہے
پولیس نے ملزمان کو گرفتار کر کے مقدمہ درج کر لیا
اسٹیٹ بینک نے شرح سود کے حوالے سے فیصلہ کیا ہے
کراچی میں بارش کے باعث نشیبی علاقے زیر آب آ گئے
قومی اسمبلی کا اجلاس آج دوبارہ طلب کر لیا گیا ہے
اسلام آباد حکومت نے عوام کو ریلیف دینے کا اعلان کیا ہے
وزیراعظم نے اجلاس کی صدارت کی اور اہم فیصلے کئے گئے
پاکستان تحریک انصاف کے رہنماؤں نے پریس کانفرنس کی
عدالت نے کیس کی سماعت ملتوی کر دی اور حکم جاری کیا
صوبائی حکومت نے ترقیاتی منصوبوں کی منظوری دے دی ہے
بقیہ
20
بجلی کی قیمتوں میں اضافے کے خلاف احتجاج کیا گیا
سپریم کورٹ نے فیصلہ محفوظ کر لیا ہے جو بعد میں سنایا جائے گا
وفاقی وزیر نے کہا کہ ملک کی معیشت بہتری کی جانب گامزن ہے
آرمی چیف نے جوانوں کی قربانیوں کو خراج تحسین پیش کیا
الیکشن کمیشن نے انتخابی شیڈول کا اعلان کر دیا ہے
چیئرمین نے کہا کہ عوام کے مسائل حل کرنا اولین ترجیح ہے
پولیس نے ملزمان کو گرفتار کر کے مقدمہ درج کر لیا
اسٹیٹ بینک نے شرح سود کے حوالے سے فیصلہ کیا ہے
کراچی میں بارش کے باعث نشیبی علاقے زیر آب آ گئے
قومی اسمبلی کا اجلاس آج دوبارہ طلب کر لیا گیا ہے
اسلام آباد حکومت نے عوام کو ریلیف دینے کا اعلان کیا ہے
وزیراعظم نے اجلاس کی صدارت کی اور اہم فیصلے کئے گئے
پاکستان تحریک انصاف کے رہنماؤں نے پریس کانفرنس کی
عدالت نے کیس کی سماعت ملتوی کر دی اور حکم جاری کیا
صوبائی حکومت نے ترقیاتی منصوبوں کی منظوری دے دی ہے
بجلی کی قیمتوں میں اضافے کے خلاف احتجاج کیا گیا
سپریم کورٹ نے فیصلہ محفوظ کر لیا ہے جو بعد میں سنایا جائے گا
وفاقی وزیر نے کہا کہ ملک کی معیشت بہتری کی جانب گامزن ہے
بقیہ
21
آرمی چیف نے جوانوں کی قربانیوں کو خراج تحسین پیش کیا
الیکشن کمیشن نے انتخابی شیڈول کا اعلان کر دیا ہے
چیئرمین نے کہا کہ عوام کے مسائل حل کرنا اولین ترجیح ہے
پولیس نے ملزمان کو گرفتار کر کے مقدمہ درج کر لیا
اسٹیٹ بینک نے شرح سود کے حوالے سے فیصلہ کیا ہے
کراچی میں بارش کے باعث نشیبی علاقے زیر آب آ گئے
قومی اسمبلی کا اجلاس آج دوبارہ طلب کر لیا گیا ہے
اسلام آباد حکومت نے عوام کو ریلیف دینے کا اعلان کیا ہے
وزیراعظم نے اجلاس کی صدارت کی اور اہم فیصلے کئے گئے
پاکستان تحریک انصاف کے رہنماؤں نے پریس کانفرنس کی
عدالت نے کیس کی سماعت ملتوی کر دی اور حکم جاری کیا
صوبائی حکومت نے ترقیاتی منصوبوں کی منظوری دے دی ہے
بجلی کی قیمتوں میں اضافے کے خلاف احتجاج کیا گیا
سپریم کورٹ نے فیصلہ محفوظ کر لیا ہے جو بعد میں سنایا جائے گا
وفاقی وزیر نے کہا کہ ملک کی معیشت بہتری کی جانب گامزن ہے
آرمی چیف نے جوانوں کی قربانیوں کو خراج تحسین پیش کیا
بقیہ
22
الیکشن کمیشن نے انتخابی شیڈول کا اعلان کر دیا ہے
چیئرمین نے کہا کہ عوام کے مسائل حل کرنا اولین ترجیح ہے
پولیس نے ملزمان کو گرفتار کر کے مقدمہ درج کر لیا
اسٹیٹ بینک نے شرح سود کے حوالے سے فیصلہ کیا ہے
بقیہ
23
کراچی میں بارش کے باعث نشیبی علاقے زیر آب آ گئے
قومی اسمبلی کا اجلاس آج دوبارہ طلب کر لیا گیا ہے
اسلام آباد حکومت نے عوام کو ریلیف دینے کا اعلان کیا ہے
وزیراعظم نے اجلاس کی صدارت کی اور اہم فیصلے کئے گئے
پاکستان تحریک انصاف کے رہنماؤں نے پریس کانفرنس کی
عدالت نے کیس کی سماعت ملتوی کر دی اور حکم جاری کیا
صوبائی حکومت نے ترقیاتی منصوبوں کی منظوری دے دی ہے
بجلی کی قیمتوں میں اضافے کے خلاف احتجاج کیا گیا
سپریم کورٹ نے فیصلہ محفوظ کر لیا ہے جو بعد میں سنایا جائے گا
وفاقی وزیر نے کہا کہ ملک کی معیشت بہتری کی جانب گامزن ہے
آرمی چیف نے جوانوں کی قربانیوں کو خراج تحسین پیش کیا
الیکشن کمیشن نے انتخابی شیڈول کا اعلان کر دیا ہے
چیئرمین نے کہا کہ عوام کے مسائل حل کرنا اولین ترجیح ہے
پولیس نے ملزمان کو گرفتار کر کے مقدمہ درج کر لیا
بقیہ
24
اسٹیٹ بینک نے شرح سود کے حوالے سے فیصلہ کیا ہے
کراچی میں بارش کے باعث نشیبی علاقے زیر آب آ گئے
قومی اسمبلی کا اجلاس آج دوبارہ طلب کر لیا گیا ہے
اسلام آباد حکومت نے عوام کو ریلیف دینے کا اعلان کیا ہے
وزیراعظم نے اجلاس کی صدارت کی اور اہم فیصلے کئے گئے
پاکستان تحریک انصاف کے رہنماؤں نے پریس کانفرنس کی
عدالت نے کیس کی سماعت ملتوی کر دی اور حکم جاری کیا
صوبائی حکومت نے ترقیاتی منصوبوں کی منظوری دے دی ہے
بجلی کی قیمتوں میں اضافے کے خلاف احتجاج کیا گیا
سپریم کورٹ نے فیصلہ محفوظ کر لیا ہے جو بعد میں سنایا جائے گا
وفاقی وزیر نے کہا کہ ملک کی معیشت بہتری کی جانب گامزن ہے
آرمی چیف نے جوانوں کی قربانیوں کو خراج تحسین پیش کیا
الیکشن کمیشن نے انتخابی شیڈول کا اعلان کر دیا ہے
چیئرمین نے کہا کہ عوام کے مسائل حل کرنا اولین ترجیح ہے
پولیس نے ملزمان کو گرفتار کر کے مقدمہ درج کر لیا
اسٹیٹ بینک نے شرح سود کے حوالے سے فیصلہ کیا ہے
کراچی میں بارش کے باعث نشیبی علاقے زیر آب آ گئے
قومی اسمبلی کا اجلاس آج دوبارہ طلب کر لیا گیا ہے
اسلام آباد حکومت نے عوام کو ریلیف دینے کا اعلان کیا ہے
وزیراعظم نے اجلاس کی صدارت کی اور اہم فیصلے کئے گئے
پاکستان تحریک انصاف کے رہنماؤں نے پریس کانفرنس کی
عدالت نے کیس کی سماعت ملتوی کر دی اور حکم جاری کیا
صوبائی حکومت نے ترقیاتی منصوبوں کی منظوری دے دی ہے
بجلی کی قیمتوں میں اضافے کے خلاف احتجاج کیا گیا
سپریم کورٹ نے فیصلہ محفوظ کر لیا ہے جو بعد میں سنایا جائے گا
وفاقی وزیر نے کہا کہ ملک کی معیشت بہتری کی جانب گامزن ہے
بقیہ
25
آرمی چیف نے جوانوں کی قربانیوں کو خراج تحسین پیش کیا
الیکشن کمیشن نے انتخابی شیڈول کا اعلان کر دیا ہے
چیئرمین نے کہا کہ عوام کے مسائل حل کرنا اولین ترجیح ہے
پولیس نے ملزمان کو گرفتار کر کے مقدمہ درج کر لیا
بقیہ
13
اسٹیٹ بینک نے شرح سود کے حوالے سے فیصلہ کیا ہے
کراچی میں بارش کے باعث نشیبی علاقے زیر آب آ گئے
قومی اسمبلی کا اجلاس آج دوبارہ طلب کر لیا گیا ہے
اسلام آباد حکومت نے عوام کو ریلیف دینے کا اعلان کیا ہے
وزیراعظم نے اجلاس کی صدارت کی اور اہم فیصلے کئے گئے
پاکستان تحریک انصاف کے رہنماؤں نے پریس کانفرنس کی
عدالت نے کیس کی سماعت ملتوی کر دی اور حکم جاری کیا
صوبائی حکومت نے ترقیاتی منصوبوں کی منظوری دے دی ہے
بجلی کی قیمتوں میں اضافے کے خلاف احتجاج کیا گیا
سپریم کورٹ نے فیصلہ محفوظ کر لیا ہے جو بعد میں سنایا جائے گا
وفاقی وزیر نے کہا کہ ملک کی معیشت بہتری کی جانب گامزن ہے
آرمی چیف نے جوانوں کی قربانیوں کو خراج تحسین پیش کیا
الیکشن کمیشن نے انتخابی شیڈول کا اعلان کر دیا ہے
چیئرمین نے کہا کہ عوام کے مسائل حل کرنا اولین ترجیح ہے
بقیہ
14
پولیس نے ملزمان کو گرفتار کر کے مقدمہ درج کر لیا
اسٹیٹ بینک نے شرح سود کے حوالے سے فیصلہ کیا ہے
کراچی میں بارش کے باعث نشیبی علاقے زیر آب آ گئے
قومی اسمبلی کا اجلاس آج دوبارہ طلب کر لیا گیا ہے
اسلام آباد حکومت نے عوام کو ریلیف دینے کا اعلان کیا ہے
وزیراعظم نے اجلاس کی صدارت کی اور اہم فیصلے کئے گئے
پاکستان تحریک انصاف کے رہنماؤں نے پریس کانفرنس کی
عدالت نے کیس کی سماعت ملتوی کر دی اور حکم جاری کیا
بقیہ
15
صوبائی حکومت نے ترقیاتی منصوبوں کی منظوری دے دی ہے
بجلی کی قیمتوں میں اضافے کے خلاف احتجاج کیا گیا
سپریم کورٹ نے فیصلہ محفوظ کر لیا ہے جو بعد میں سنایا جائے گا
وفاقی وزیر نے کہا کہ ملک کی معیشت بہتری کی جانب گامزن ہے
آرمی چیف نے جوانوں کی قربانیوں کو خراج تحسین پیش کیا
الیکشن کمیشن نے انتخابی شیڈول کا اعلان کر دیا ہے
چیئرمین نے کہا کہ عوام کے مسائل حل کرنا اولین ترجیح ہے
پولیس نے ملزمان کو گرفتار کر کے مقدمہ درج کر لیا
اسٹیٹ بینک نے شرح سود کے حوالے سے فیصلہ کیا ہے
کراچی میں بارش کے باعث نشیبی علاقے زیر آب آ گئے
قومی اسمبلی کا اجلاس آج دوبارہ طلب کر لیا گیا ہے
اسلام آباد حکومت نے عوام کو ریلیف دینے کا اعلان کیا ہے
وزیراعظم نے اجلاس کی صدارت کی اور اہم فیصلے کئے گئے
پاکستان تحریک انصاف کے رہنماؤں نے پریس کانفرنس کی
عدالت نے کیس کی سماعت ملتوی کر دی اور حکم جاری کیا
صوبائی حکومت نے ترقیاتی منصوبوں کی منظوری دے دی ہے
بجلی کی قیمتوں میں اضافے کے خلاف احتجاج کیا گیا
سپریم کورٹ نے فیصلہ محفوظ کر لیا ہے جو بعد میں سنایا جائے گا
وفاقی وزیر نے کہا کہ ملک کی معیشت بہتری کی جانب گامزن ہے
آرمی چیف نے جوانوں کی قربانیوں کو خراج تحسین پیش کیا
الیکشن کمیشن نے انتخابی شیڈول کا اعلان کر دیا ہے
چیئرمین نے کہا کہ عوام کے مسائل حل کرنا اولین ترجیح ہے
پولیس نے ملزمان کو گرفتار کر کے مقدمہ درج کر لیا
اسٹیٹ بینک نے شرح سود کے حوالے سے فیصلہ کیا ہے
کراچی میں بارش کے باعث نشیبی علاقے زیر آب آ گئے
قومی اسمبلی کا اجلاس آج دوبارہ طلب کر لیا گیا ہے
بقیہ
16
اسلام آباد حکومت نے عوام کو ریلیف دینے کا اعلان کیا ہے
وزیراعظم نے اجلاس کی صدارت کی اور اہم فیصلے کئے گئے
پاکستان تحریک انصاف کے رہنماؤں نے پریس کانفرنس کی
عدالت نے کیس کی سماعت ملتوی کر دی اور حکم جاری کیا
صوبائی حکومت نے ترقیاتی منصوبوں کی منظوری دے دی ہے
بجلی کی قیمتوں میں اضافے کے خلاف احتجاج کیا گیا
سپریم کورٹ نے فیصلہ محفوظ کر لیا ہے جو بعد میں سنایا جائے گا
وفاقی وزیر نے کہا کہ ملک کی معیشت بہتری کی جانب گامزن ہے
آرمی چیف نے جوانوں کی قربانیوں کو خراج تحسین پیش کیا
الیکشن کمیشن نے انتخابی شیڈول کا اعلان کر دیا ہے
چیئرمین نے کہا کہ عوام کے مسائل حل کرنا اولین ترجیح ہے
پولیس نے ملزمان کو گرفتار کر کے مقدمہ درج کر لیا
اسٹیٹ بینک نے شرح سود کے حوالے سے فیصلہ کیا ہے
کراچی میں بارش کے باعث نشیبی علاقے زیر آب آ گئے
بقیہ
17
قومی اسمبلی کا اجلاس آج دوبارہ طلب کر لیا گیا ہے
اسلام آباد حکومت نے عوام کو ریلیف دینے کا اعلان کیا ہے
وزیراعظم نے اجلاس کی صدارت کی اور اہم فیصلے کئے گئے
پاکستان تحریک انصاف کے رہنماؤں نے پریس کانفرنس کی
عدالت نے کیس کی سماعت ملتوی کر دی اور حکم جاری کیا
صوبائی حکومت نے ترقیاتی منصوبوں کی منظوری دے دی ہے
بجلی کی قیمتوں میں اضافے کے خلاف احتجاج کیا گیا
سپریم کورٹ نے فیصلہ محفوظ کر لیا ہے جو بعد میں سنایا جائے گا
وفاقی وزیر نے کہا کہ ملک کی معیشت بہتری کی جانب گامزن ہے
آرمی چیف نے جوانوں کی قربانیوں کو خراج تحسین پیش کیا
الیکشن کمیشن نے انتخابی شیڈول کا اعلان کر دیا ہے
چیئرمین نے کہا کہ عوام کے مسائل حل کرنا اولین ترجیح ہے
پولیس نے ملزمان کو گرفتار کر کے مقدمہ درج کر لیا
اسٹیٹ بینک نے شرح سود کے حوالے سے فیصلہ کیا ہے
کراچی میں بارش کے باعث نشیبی علاقے زیر آب آ گئے
قومی اسمبلی کا اجلاس آج دوبارہ طلب کر لیا گیا ہے
اسلام آباد حکومت نے عوام کو ریلیف دینے کا اعلان کیا ہے
وزیراعظم نے اجلاس کی صدارت کی اور اہم فیصلے کئے گئے
پاکستان تحریک انصاف کے رہنماؤں نے پریس کانفرنس کی
عدالت نے کیس کی سماعت ملتوی کر دی اور حکم جاری کیا
صوبائی حکومت نے ترقیاتی منصوبوں کی منظوری دے دی ہے
بجلی کی قیمتوں میں اضافے کے خلاف احتجاج کیا گیا
سپریم کورٹ نے فیصلہ محفوظ کر لیا ہے جو بعد میں سنایا جائے گا
وفاقی وزیر نے کہا کہ ملک کی معیشت بہتری کی جانب گامزن ہے
آرمی چیف نے جوانوں کی قربانیوں کو خراج تحسین پیش کیا
الیکشن کمیشن نے انتخابی شیڈول کا اعلان کر دیا ہے
چیئرمین نے کہا کہ عوام کے مسائل حل کرنا اولین ترجیح ہے
پولیس نے ملزمان کو گرفتار کر کے مقدمہ درج کر لیا
بقیہ
18
اسٹیٹ بینک نے شرح سود کے حوالے سے فیصلہ کیا ہے
کراچی میں بارش کے باعث نشیبی علاقے زیر آب آ گئے
قومی اسمبلی کا اجلاس آج دوبارہ طلب کر لیا گیا ہے
اسلام آباد حکومت نے عوام کو ریلیف دینے کا اعلان کیا ہے
بقیہ
08
وزیراعظم نے اجلاس کی صدارت کی اور اہم فیصلے کئے گئے
پاکستان تحریک انصاف کے رہنماؤں نے پریس کانفرنس کی
عدالت نے کیس کی سماعت ملتوی کر دی اور حکم جاری کیا
صوبائی حکومت نے ترقیاتی منصوبوں کی منظوری دے دی ہے
بجلی کی قیمتوں میں اضافے کے خلاف احتجاج کیا گیا
سپریم کورٹ نے فیصلہ محفوظ کر لیا ہے جو بعد میں سنایا جائے گا
وفاقی وزیر نے کہا کہ ملک کی معیشت بہتری کی جانب گامزن ہے
آرمی چیف نے جوانوں کی قربانیوں کو خراج تحسین پیش کیا
الیکشن کمیشن نے انتخابی شیڈول کا اعلان کر دیا ہے
چیئرمین نے کہا کہ عوام کے مسائل حل کرنا اولین ترجیح ہے
پولیس نے ملزمان کو گرفتار کر کے مقدمہ درج کر لیا
اسٹیٹ بینک نے شرح سود کے حوالے سے فیصلہ کیا ہے
کراچی میں بارش کے باعث نشیبی علاقے زیر آب آ گئے
قومی اسمبلی کا اجلاس آج دوبارہ طلب کر لیا گیا ہے
اسلام آباد حکومت نے عوام کو ریلیف دینے کا اعلان کیا ہے
وزیراعظم نے اجلاس کی صدارت کی اور اہم فیصلے کئے گئے
پاکستان تحریک انصاف کے رہنماؤں نے پریس کانفرنس کی
عدالت نے کیس کی سماعت ملتوی کر دی اور حکم جاری کیا
صوبائی حکومت نے ترقیاتی منصوبوں کی منظوری دے دی ہے
بجلی کی قیمتوں میں اضافے کے خلاف احتجاج کیا گیا
سپریم کورٹ نے فیصلہ محفوظ کر لیا ہے جو بعد میں سنایا جائے گا
وفاقی وزیر نے کہا کہ ملک کی معیشت بہتری کی جانب گامزن ہے
آرمی چیف نے جوانوں کی قربانیوں کو خراج تحسین پیش کیا
الیکشن کمیشن نے انتخابی شیڈول کا اعلان کر دیا ہے
چیئرمین نے کہا کہ عوام کے مسائل حل کرنا اولین ترجیح ہے
پولیس نے ملزمان کو گرفتار کر کے مقدمہ درج کر لیا
اسٹیٹ بینک نے شرح سود کے حوالے سے فیصلہ کیا ہے
کراچی میں بارش کے باعث نشیبی علاقے زیر آب آ گئے
قومی اسمبلی کا اجلاس آج دوبارہ طلب کر لیا گیا ہے
اسلام آباد حکومت نے عوام کو ریلیف دینے کا اعلان کیا ہے
بقیہ
09
وزیراعظم نے اجلاس کی صدارت کی اور اہم فیصلے کئے گئے
پاکستان تحریک انصاف کے رہنماؤں نے پریس کانفرنس کی
عدالت نے کیس کی سماعت ملتوی کر دی اور حکم جاری کیا
صوبائی حکومت نے ترقیاتی منصوبوں کی منظوری دے دی ہے
بجلی کی قیمتوں میں اضافے کے خلاف احتجاج کیا گیا
سپریم کورٹ نے فیصلہ محفوظ کر لیا ہے جو بعد میں سنایا جائے گا
وفاقی وزیر نے کہا کہ ملک کی معیشت بہتری کی جانب گامزن ہے
آرمی چیف نے جوانوں کی قربانیوں کو خراج تحسین پیش کیا
بقیہ
10
الیکشن کمیشن نے انتخابی شیڈول کا اعلان کر دیا ہے
چیئرمین نے کہا کہ عوام کے مسائل حل کرنا اولین ترجیح ہے
پولیس نے ملزمان کو گرفتار کر کے مقدمہ درج کر لیا
اسٹیٹ بینک نے شرح سود کے حوالے سے فیصلہ کیا ہے
کراچی میں بارش کے باعث نشیبی علاقے زیر آب آ گئے
قومی اسمبلی کا اجلاس آج دوبارہ طلب کر لیا گیا ہے
اسلام آباد حکومت نے عوام کو ریلیف دینے کا اعلان کیا ہے
وزیراعظم نے اجلاس کی صدارت کی اور اہم فیصلے کئے گئے
پاکستان تحریک انصاف کے رہنماؤں نے پریس کانفرنس کی
عدالت نے کیس کی سماعت ملتوی کر دی اور حکم جاری کیا
صوبائی حکومت نے ترقیاتی منصوبوں کی منظوری دے دی ہے
بجلی کی قیمتوں میں اضافے کے خلاف احتجاج کیا گیا
سپریم کورٹ نے فیصلہ محفوظ کر لیا ہے جو بعد میں سنایا جائے گا
وفاقی وزیر نے کہا کہ ملک کی معیشت بہتری کی جانب گامزن ہے
آرمی چیف نے جوانوں کی قربانیوں کو خراج تحسین پیش کیا
الیکشن کمیشن نے انتخابی شیڈول کا اعلان کر دیا ہے
چیئرمین نے کہا کہ عوام کے مسائل حل کرنا اولین ترجیح ہے
پولیس نے ملزمان کو گرفتار کر کے مقدمہ درج کر لیا
اسٹیٹ بینک نے شرح سود کے حوالے سے فیصلہ کیا ہے
کراچی میں بارش کے باعث نشیبی علاقے زیر آب آ گئے
قومی اسمبلی کا اجلاس آج دوبارہ طلب کر لیا گیا ہے
اسلام آباد حکومت نے عوام کو ریلیف دینے کا اعلان کیا ہے
وزیراعظم نے اجلاس کی صدارت کی اور اہم فیصلے کئے گئے
پاکستان تحریک انصاف کے رہنماؤں نے پریس کانفرنس کی
عدالت نے کیس کی سماعت ملتوی کر دی اور حکم جاری کیا
صوبائی حکومت نے ترقیاتی منصوبوں کی منظوری دے دی ہے
بجلی کی قیمتوں میں اضافے کے خلاف احتجاج کیا گیا
سپریم کورٹ نے فیصلہ محفوظ کر لیا ہے جو بعد میں سنایا جائے گا
وفاقی وزیر نے کہا کہ ملک کی معیشت بہتری کی جانب گامزن ہے
آرمی چیف نے جوانوں کی قربانیوں کو خراج تحسین پیش کیا
بقیہ
11
الیکشن کمیشن نے انتخابی شیڈول کا اعلان کر دیا ہے
چیئرمین نے کہا کہ عوام کے مسائل حل کرنا اولین ترجیح ہے
پولیس نے ملزمان کو گرفتار کر کے مقدمہ درج کر لیا
اسٹیٹ بینک نے شرح سود کے حوالے سے فیصلہ کیا ہے
کراچی میں بارش کے باعث نشیبی علاقے زیر آب آ گئے
قومی اسمبلی کا اجلاس آج دوبارہ طلب کر لیا گیا ہے
اسلام آباد حکومت نے عوام کو ریلیف دینے کا اعلان کیا ہے
وزیراعظم نے اجلاس کی صدارت کی اور اہم فیصلے کئے گئے
پاکستان تحریک انصاف کے رہنماؤں نے پریس کانفرنس کی
عدالت نے کیس کی سماعت ملتوی کر دی اور حکم جاری کیا
صوبائی حکومت نے ترقیاتی منصوبوں کی منظوری دے دی ہے
بجلی کی قیمتوں میں اضافے کے خلاف احتجاج کیا گیا
سپریم کورٹ نے فیصلہ محفوظ کر لیا ہے جو بعد میں سنایا جائے گا
وفاقی وزیر نے کہا کہ ملک کی معیشت بہتری کی جانب گامزن ہے
آرمی چیف نے جوانوں کی قربانیوں کو خراج تحسین پیش کیا
الیکشن کمیشن نے انتخابی شیڈول کا اعلان کر دیا ہے
چیئرمین نے کہا کہ عوام کے مسائل حل کرنا اولین ترجیح ہے
پولیس نے ملزمان کو گرفتار کر کے مقدمہ درج کر لیا
اسٹیٹ بینک نے شرح سود کے حوالے سے فیصلہ کیا ہے
کراچی میں بارش کے باعث نشیبی علاقے زیر آب آ گئے
قومی اسمبلی کا اجلاس آج دوبارہ طلب کر لیا گیا ہے
اسلام آباد حکومت نے عوام کو ریلیف دینے کا اعلان کیا ہے
وزیراعظم نے اجلاس کی صدارت کی اور اہم فیصلے کئے گئے
پاکستان تحریک انصاف کے رہنماؤں نے پریس کانفرنس کی
عدالت نے کیس کی سماعت ملتوی کر دی اور حکم جاری کیا
صوبائی حکومت نے ترقیاتی منصوبوں کی منظوری دے دی ہے
بجلی کی قیمتوں میں اضافے کے خلاف احتجاج کیا گیا
سپریم کورٹ نے فیصلہ محفوظ کر لیا ہے جو بعد میں سنایا جائے گا
وفاقی وزیر نے کہا کہ ملک کی معیشت بہتری کی جانب گامزن ہے
آرمی چیف نے جوانوں کی قربانیوں کو خراج تحسین پیش کیا
الیکشن کمیشن نے انتخابی شیڈول کا اعلان کر دیا ہے
چیئرمین نے کہا کہ عوام کے مسائل حل کرنا اولین ترجیح ہے
پولیس نے ملزمان کو گرفتار کر کے مقدمہ درج کر لیا
اسٹیٹ بینک نے شرح سود کے حوالے سے فیصلہ کیا ہے
کراچی میں بارش کے باعث نشیبی علاقے زیر آب آ گئے
قومی اسمبلی کا اجلاس آج دوبارہ طلب کر لیا گیا ہے
اسلام آباد حکومت نے عوام کو ریلیف دینے کا اعلان کیا ہے
وزیراعظم نے اجلاس کی صدارت کی اور اہم فیصلے کئے گئے
پاکستان تحریک انصاف کے رہنماؤں نے پریس کانفرنس کی
عدالت نے کیس کی سماعت ملتوی کر دی اور حکم جاری کیا
صوبائی حکومت نے ترقیاتی منصوبوں کی منظوری دے دی ہے
بجلی کی قیمتوں میں اضافے کے خلاف احتجاج کیا گیا
سپریم کورٹ نے فیصلہ محفوظ کر لیا ہے جو بعد میں سنایا جائے گا
وفاقی وزیر نے کہا کہ ملک کی معیشت بہتری کی جانب گامزن ہے
آرمی چیف نے جوانوں کی قربانیوں کو خراج تحسین پیش کیا
الیکشن کمیشن نے انتخابی شیڈول کا اعلان کر دیا ہے
چیئرمین نے کہا کہ عوام کے مسائل حل کرنا اولین ترجیح ہے
پولیس نے ملزمان کو گرفتار کر کے مقدمہ درج کر لیا
اسٹیٹ بینک نے شرح سود کے حوالے سے فیصلہ کیا ہے
کراچی میں بارش کے باعث نشیبی علاقے زیر آب آ گئے
بقیہ
01
قومی اسمبلی کا اجلاس آج دوبارہ طلب کر لیا گیا ہے
اسلام آباد حکومت نے عوام کو ریلیف دینے کا اعلان کیا ہے
وزیراعظم نے اجلاس کی صدارت کی اور اہم فیصلے کئے گئے
پاکستان تحریک انصاف کے رہنماؤں نے پریس کانفرنس کی
عدالت نے کیس کی سماعت ملتوی کر دی اور حکم جاری کیا
صوبائی حکومت نے ترقیاتی منصوبوں کی منظوری دے دی ہے
بجلی کی قیمتوں میں اضافے کے خلاف احتجاج کیا گیا
سپریم کورٹ نے فیصلہ محفوظ کر لیا ہے جو بعد میں سنایا جائے گا
وفاقی وزیر نے کہا کہ ملک کی معیشت بہتری کی جانب گامزن ہے
آرمی چیف نے جوانوں کی قربانیوں کو خراج تحسین پیش کیا
الیکشن کمیشن نے انتخابی شیڈول کا اعلان کر دیا ہے
چیئرمین نے کہا کہ عوام کے مسائل حل کرنا اولین ترجیح ہے
پولیس نے ملزمان کو گرفتار کر کے مقدمہ درج کر لیا
اسٹیٹ بینک نے شرح سود کے حوالے سے فیصلہ کیا ہے
کراچی میں بارش کے باعث نشیبی علاقے زیر آب آ گئے
قومی اسمبلی کا اجلاس آج دوبارہ طلب کر لیا گیا ہے
اسلام آباد حکومت نے عوام کو ریلیف دینے کا اعلان کیا ہے
وزیراعظم نے اجلاس کی صدارت کی اور اہم فیصلے کئے گئے
پاکستان تحریک انصاف کے رہنماؤں نے پریس کانفرنس کی
عدالت نے کیس کی سماعت ملتوی کر دی اور حکم جاری کیا
صوبائی حکومت نے ترقیاتی منصوبوں کی منظوری دے دی ہے
بجلی کی قیمتوں میں اضافے کے خلاف احتجاج کیا گیا
بقیہ
07
سپریم کورٹ نے فیصلہ محفوظ کر لیا ہے جو بعد میں سنایا جائے گا
وفاقی وزیر نے کہا کہ ملک کی معیشت بہتری کی جانب گامزن ہے
آرمی چیف نے جوانوں کی قربانیوں کو خراج تحسین پیش کیا
الیکشن کمیشن نے انتخابی شیڈول کا اعلان کر دیا ہے
چیئرمین نے کہا کہ عوام کے مسائل حل کرنا اولین ترجیح ہے
پولیس نے ملزمان کو گرفتار کر کے مقدمہ درج کر لیا
اسٹیٹ بینک نے شرح سود کے حوالے سے فیصلہ کیا ہے
کراچی میں بارش کے باعث نشیبی علاقے زیر آب آ گئے
قومی اسمبلی کا اجلاس آج دوبارہ طلب کر لیا گیا ہے
اسلام آباد حکومت نے عوام کو ریلیف دینے کا اعلان کیا ہے
وزیراعظم نے اجلاس کی صدارت کی اور اہم فیصلے کئے گئے
پاکستان تحریک انصاف کے رہنماؤں نے پریس کانفرنس کی
عدالت نے کیس کی سماعت ملتوی کر دی اور حکم جاری کیا
صوبائی حکومت نے ترقیاتی منصوبوں کی منظوری دے دی ہے
بجلی کی قیمتوں میں اضافے کے خلاف احتجاج کیا گیا
سپریم کورٹ نے فیصلہ محفوظ کر لیا ہے جو بعد میں سنایا جائے گا
وفاقی وزیر نے کہا کہ ملک کی معیشت بہتری کی جانب گامزن ہے
آرمی چیف نے جوانوں کی قربانیوں کو خراج تحسین پیش کیا
الیکشن کمیشن نے انتخابی شیڈول کا اعلان کر دیا ہے
چیئرمین نے کہا کہ عوام کے مسائل حل کرنا اولین ترجیح ہے
پولیس نے ملزمان کو گرفتار کر کے مقدمہ درج کر لیا
اسٹیٹ بینک نے شرح سود کے حوالے سے فیصلہ کیا ہے
کراچی میں بارش کے باعث نشیبی علاقے زیر آب آ گئے
قومی اسمبلی کا اجلاس آج دوبارہ طلب کر لیا گیا ہے
اسلام آباد حکومت نے عوام کو ریلیف دینے کا اعلان کیا ہے
وزیراعظم نے اجلاس کی صدارت کی اور اہم فیصلے کئے گئے
پاکستان تحریک انصاف کے رہنماؤں نے پریس کانفرنس کی
عدالت نے کیس کی سماعت ملتوی کر دی اور حکم جاری کیا
صوبائی حکومت نے ترقیاتی منصوبوں کی منظوری دے دی ہے
بجلی کی قیمتوں میں اضافے کے خلاف احتجاج کیا گیا
سپریم کورٹ نے فیصلہ محفوظ کر لیا ہے جو بعد میں سنایا جائے گا
وفاقی وزیر نے کہا کہ ملک کی معیشت بہتری کی جانب گامزن ہے
آرمی چیف نے جوانوں کی قربانیوں کو خراج تحسین پیش کیا
الیکشن کمیشن نے انتخابی شیڈول کا اعلان کر دیا ہے
چیئرمین نے کہا کہ عوام کے مسائل حل کرنا اولین ترجیح ہے
پولیس نے ملزمان کو گرفتار کر کے مقدمہ درج کر لیا
اسٹیٹ بینک نے شرح سود کے حوالے سے فیصلہ کیا ہے
کراچی میں بارش کے باعث نشیبی علاقے زیر آب آ گئے
قومی اسمبلی کا اجلاس آج دوبارہ طلب کر لیا گیا ہے
اسلام آباد حکومت نے عوام کو ریلیف دینے کا اعلان کیا ہے
بقیہ
02
وزیراعظم نے اجلاس کی صدارت کی اور اہم فیصلے کئے گئے
پاکستان تحریک انصاف کے رہنماؤں نے پریس کانفرنس کی
عدالت نے کیس کی سماعت ملتوی کر دی اور حکم جاری کیا
صوبائی حکومت نے ترقیاتی منصوبوں کی منظوری دے دی ہے
بجلی کی قیمتوں میں اضافے کے خلاف احتجاج کیا گیا
سپریم کورٹ نے فیصلہ محفوظ کر لیا ہے جو بعد میں سنایا جائے گا
وفاقی وزیر نے کہا کہ ملک کی معیشت بہتری کی جانب گامزن ہے
آرمی چیف نے جوانوں کی قربانیوں کو خراج تحسین پیش کیا
الیکشن کمیشن نے انتخابی شیڈول کا اعلان کر دیا ہے
چیئرمین نے کہا کہ عوام کے مسائل حل کرنا اولین ترجیح ہے
پولیس نے ملزمان کو گرفتار کر کے مقدمہ درج کر لیا
اسٹیٹ بینک نے شرح سود کے حوالے سے فیصلہ کیا ہے
بقیہ
03
کراچی میں بارش کے باعث نشیبی علاقے زیر آب آ گئے
قومی اسمبلی کا اجلاس آج دوبارہ طلب کر لیا گیا ہے
اسلام آباد حکومت نے عوام کو ریلیف دینے کا اعلان کیا ہے
وزیراعظم نے اجلاس کی صدارت کی اور اہم فیصلے کئے گئے
پاکستان تحریک انصاف کے رہنماؤں نے پریس کانفرنس کی
عدالت نے کیس کی سماعت ملتوی کر دی اور حکم جاری کیا
صوبائی حکومت نے ترقیاتی منصوبوں کی منظوری دے دی ہے
بجلی کی قیمتوں میں اضافے کے خلاف احتجاج کیا گیا
سپریم کورٹ نے فیصلہ محفوظ کر لیا ہے جو بعد میں سنایا جائے گا
وفاقی وزیر نے کہا کہ ملک کی معیشت بہتری کی جانب گامزن ہے
آرمی چیف نے جوانوں کی قربانیوں کو خراج تحسین پیش کیا
الیکشن کمیشن نے انتخابی شیڈول کا اعلان کر دیا ہے
چیئرمین نے کہا کہ عوام کے مسائل حل کرنا اولین ترجیح ہے
پولیس نے ملزمان کو گرفتار کر کے مقدمہ درج کر لیا
اسٹیٹ بینک نے شرح سود کے حوالے سے فیصلہ کیا ہے
کراچی میں بارش کے باعث نشیبی علاقے زیر آب آ گئے
قومی اسمبلی کا اجلاس آج دوبارہ طلب کر لیا گیا ہے
اسلام آباد حکومت نے عوام کو ریلیف دینے کا اعلان کیا ہے
وزیراعظم نے اجلاس کی صدارت کی اور اہم فیصلے کئے گئے
پاکستان تحریک انصاف کے رہنماؤں نے پریس کانفرنس کی
عدالت نے کیس کی سماعت ملتوی کر دی اور حکم جاری کیا
صوبائی حکومت نے ترقیاتی منصوبوں کی منظوری دے دی ہے
بجلی کی قیمتوں میں اضافے کے خلاف احتجاج کیا گیا
سپریم کورٹ نے فیصلہ محفوظ کر لیا ہے جو بعد میں سنایا جائے گا
وفاقی وزیر نے کہا کہ ملک کی معیشت بہتری کی جانب گامزن ہے
بقیہ
04
آرمی چیف نے جوانوں کی قربانیوں کو خراج تحسین پیش کیا
الیکشن کمیشن نے انتخابی شیڈول کا اعلان کر دیا ہے
چیئرمین نے کہا کہ عوام کے مسائل حل کرنا اولین ترجیح ہے
پولیس نے ملزمان کو گرفتار کر کے مقدمہ درج کر لیا
اسٹیٹ بینک نے شرح سود کے حوالے سے فیصلہ کیا ہے
کراچی میں بارش کے باعث نشیبی علاقے زیر آب آ گئے
قومی اسمبلی کا اجلاس آج دوبارہ طلب کر لیا گیا ہے
اسلام آباد حکومت نے عوام کو ریلیف دینے کا اعلان کیا ہے
وزیراعظم نے اجلاس کی صدارت کی اور اہم فیصلے کئے گئے
پاکستان تحریک انصاف کے رہنماؤں نے پریس کانفرنس کی
عدالت نے کیس کی سماعت ملتوی کر دی اور حکم جاری کیا
صوبائی حکومت نے ترقیاتی منصوبوں کی منظوری دے دی ہے
بجلی کی قیمتوں میں اضافے کے خلاف احتجاج کیا گیا
سپریم کورٹ نے فیصلہ محفوظ کر لیا ہے جو بعد میں سنایا جائے گا
وفاقی وزیر نے کہا کہ ملک کی معیشت بہتری کی جانب گامزن ہے
آرمی چیف نے جوانوں کی قربانیوں کو خراج تحسین پیش کیا
الیکشن کمیشن نے انتخابی شیڈول کا اعلان کر دیا ہے
چیئرمین نے کہا کہ عوام کے مسائل حل کرنا اولین ترجیح ہے
پولیس نے ملزمان کو گرفتار کر کے مقدمہ درج کر لیا
اسٹیٹ بینک نے شرح سود کے حوالے سے فیصلہ کیا ہے
کراچی میں بارش کے باعث نشیبی علاقے زیر آب آ گئے
قومی اسمبلی کا اجلاس آج دوبارہ طلب کر لیا گیا ہے
اسلام آباد حکومت نے عوام کو ریلیف دینے کا اعلان کیا ہے
وزیراعظم نے اجلاس کی صدارت کی اور اہم فیصلے کئے گئے
پاکستان تحریک انصاف کے رہنماؤں نے پریس کانفرنس کی
عدالت نے کیس کی سماعت ملتوی کر دی اور حکم جاری کیا
صوبائی حکومت نے ترقیاتی منصوبوں کی منظوری دے دی ہے
بجلی کی قیمتوں میں اضافے کے خلاف احتجاج کیا گیا
سپریم کورٹ نے فیصلہ محفوظ کر لیا ہے جو بعد میں سنایا جائے گا
وفاقی وزیر نے کہا کہ ملک کی معیشت بہتری کی جانب گامزن ہے
بقیہ
05
آرمی چیف نے جوانوں کی قربانیوں کو خراج تحسین پیش کیا
الیکشن کمیشن نے انتخابی شیڈول کا اعلان کر دیا ہے
چیئرمین نے کہا کہ عوام کے مسائل حل کرنا اولین ترجیح ہے
پولیس نے ملزمان کو گرفتار کر کے مقدمہ درج کر لیا
اسٹیٹ بینک نے شرح سود کے حوالے سے فیصلہ کیا ہے
کراچی میں بارش کے باعث نشیبی علاقے زیر آب آ گئے
قومی اسمبلی کا اجلاس آج دوبارہ طلب کر لیا گیا ہے
اسلام آباد حکومت نے عوام کو ریلیف دینے کا اعلان کیا ہے
وزیراعظم نے اجلاس کی صدارت کی اور اہم فیصلے کئے گئے
پاکستان تحریک انصاف کے رہنماؤں نے پریس کانفرنس کی
عدالت نے کیس کی سماعت ملتوی کر دی اور حکم جاری کیا
صوبائی حکومت نے ترقیاتی منصوبوں کی منظوری دے دی ہے
بجلی کی قیمتوں میں اضافے کے خلاف احتجاج کیا گیا
سپریم کورٹ نے فیصلہ محفوظ کر لیا ہے جو بعد میں سنایا جائے گا
وفاقی وزیر نے کہا کہ ملک کی معیشت بہتری کی جانب گامزن ہے
آرمی چیف نے جوانوں کی قربانیوں کو خراج تحسین پیش کیا
الیکشن کمیشن نے انتخابی شیڈول کا اعلان کر دیا ہے
چیئرمین نے کہا کہ عوام کے مسائل حل کرنا اولین ترجیح ہے
پولیس نے ملزمان کو گرفتار کر کے مقدمہ درج کر لیا
اسٹیٹ بینک نے شرح سود کے حوالے سے فیصلہ کیا ہے
کراچی میں بارش کے باعث نشیبی علاقے زیر آب آ گئے
قومی اسمبلی کا اجلاس آج دوبارہ طلب کر لیا گیا ہے
اسلام آباد حکومت نے عوام کو ریلیف دینے کا اعلان کیا ہے
وزیراعظم نے اجلاس کی صدارت کی اور اہم فیصلے کئے گئے
پاکستان تحریک انصاف کے رہنماؤں نے پریس کانفرنس کی
عدالت نے کیس کی سماعت ملتوی کر دی اور حکم جاری کیا
صوبائی حکومت نے ترقیاتی منصوبوں کی منظوری دے دی ہے
بجلی کی قیمتوں میں اضافے کے خلاف احتجاج کیا گیا
سپریم کورٹ نے فیصلہ محفوظ کر لیا ہے جو بعد میں سنایا جائے گا
وفاقی وزیر نے کہا کہ ملک کی معیشت بہتری کی جانب گامزن ہے
آرمی چیف نے جوانوں کی قربانیوں کو خراج تحسین پیش کیا
الیکشن کمیشن نے انتخابی شیڈول کا اعلان کر دیا ہے
چیئرمین نے کہا کہ عوام کے مسائل حل کرنا اولین ترجیح ہے
پولیس نے ملزمان کو گرفتار کر کے مقدمہ درج کر لیا
اسٹیٹ بینک نے شرح سود کے حوالے سے فیصلہ کیا ہے
کراچی میں بارش کے باعث نشیبی علاقے زیر آب آ گئے
بقیہ
06
قومی اسمبلی کا اجلاس آج دوبارہ طلب کر لیا گیا ہے
اسلام آباد حکومت نے عوام کو ریلیف دینے کا اعلان کیا ہے
وزیراعظم نے اجلاس کی صدارت کی اور اہم فیصلے کئے گئے
پاکستان تحریک انصاف کے رہنماؤں نے پریس کانفرنس کی
عدالت نے کیس کی سماعت ملتوی کر دی اور حکم جاری کیا
صوبائی حکومت نے ترقیاتی منصوبوں کی منظوری دے دی ہے
بجلی کی قیمتوں میں اضافے کے خلاف احتجاج کیا گیا
سپریم کورٹ نے فیصلہ محفوظ کر لیا ہے جو بعد میں سنایا جائے گا
بقیہ
12
وفاقی وزیر نے کہا کہ ملک کی معیشت بہتری کی جانب گامزن ہے
آرمی چیف نے جوانوں کی قربانیوں کو خراج تحسین پیش کیا
الیکشن کمیشن نے انتخابی شیڈول کا اعلان کر دیا ہے
چیئرمین نے کہا کہ عوام کے مسائل حل کرنا اولین ترجیح ہے
